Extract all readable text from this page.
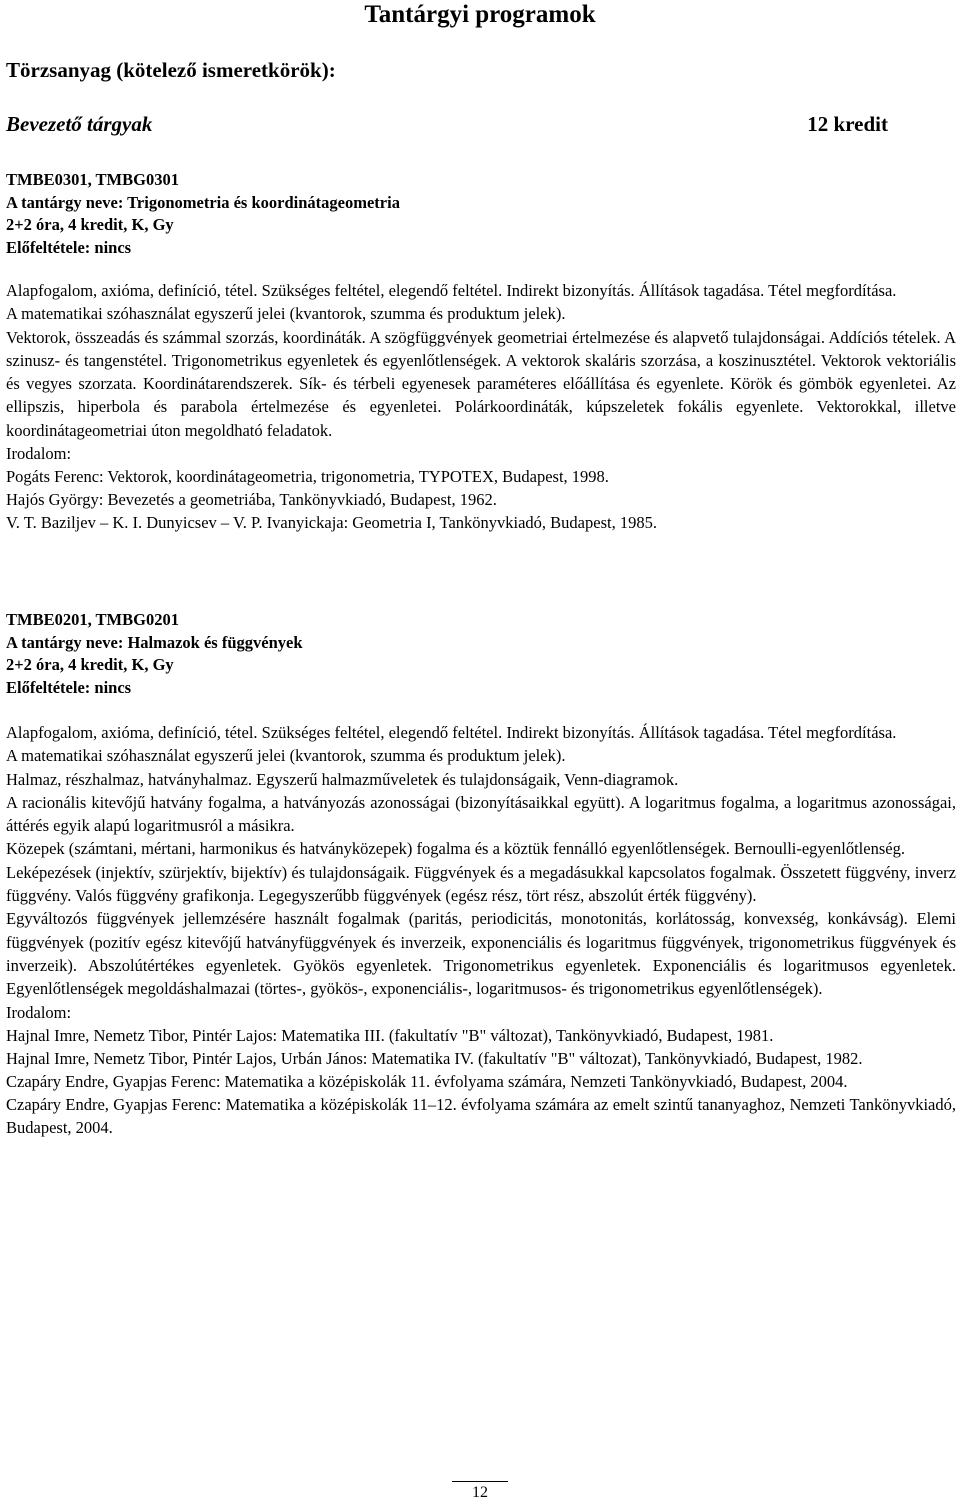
Tantárgyi programok
Törzsanyag (kötelező ismeretkörök):
Bevezető tárgyak	12 kredit
TMBE0301, TMBG0301
A tantárgy neve: Trigonometria és koordinátageometria
2+2 óra, 4 kredit, K, Gy
Előfeltétele: nincs

Alapfogalom, axióma, definíció, tétel. Szükséges feltétel, elegendő feltétel. Indirekt bizonyítás. Állítások tagadása. Tétel megfordítása.

A matematikai szóhasználat egyszerű jelei (kvantorok, szumma és produktum jelek).

Vektorok, összeadás és számmal szorzás, koordináták. A szögfüggvények geometriai értelmezése és alapvető tulajdonságai. Addíciós tételek. A szinusz- és tangenstétel. Trigonometrikus egyenletek és egyenlőtlenségek. A vektorok skaláris szorzása, a koszinusztétel. Vektorok vektoriális és vegyes szorzata. Koordinátarendszerek. Sík- és térbeli egyenesek paraméteres előállítása és egyenlete. Körök és gömbök egyenletei. Az ellipszis, hiperbola és parabola értelmezése és egyenletei. Polárkoordináták, kúpszeletek fokális egyenlete. Vektorokkal, illetve koordinátageometriai úton megoldható feladatok.

Irodalom:
Pogáts Ferenc: Vektorok, koordinátageometria, trigonometria, TYPOTEX, Budapest, 1998.
Hajós György: Bevezetés a geometriába, Tankönyvkiadó, Budapest, 1962.
V. T. Baziljev – K. I. Dunyicsev – V. P. Ivanyickaja: Geometria I, Tankönyvkiadó, Budapest, 1985.
TMBE0201, TMBG0201
A tantárgy neve: Halmazok és függvények
2+2 óra, 4 kredit, K, Gy
Előfeltétele: nincs

Alapfogalom, axióma, definíció, tétel. Szükséges feltétel, elegendő feltétel. Indirekt bizonyítás. Állítások tagadása. Tétel megfordítása.

A matematikai szóhasználat egyszerű jelei (kvantorok, szumma és produktum jelek).

Halmaz, részhalmaz, hatványhalmaz. Egyszerű halmazműveletek és tulajdonságaik, Venn-diagramok.

A racionális kitevőjű hatvány fogalma, a hatványozás azonosságai (bizonyításaikkal együtt). A logaritmus fogalma, a logaritmus azonosságai, áttérés egyik alapú logaritmusról a másikra.

Közepek (számtani, mértani, harmonikus és hatványközepek) fogalma és a köztük fennálló egyenlőtlenségek. Bernoulli-egyenlőtlenség.

Leképezések (injektív, szürjektív, bijektív) és tulajdonságaik. Függvények és a megadásukkal kapcsolatos fogalmak. Összetett függvény, inverz függvény. Valós függvény grafikonja. Legegyszerűbb függvények (egész rész, tört rész, abszolút érték függvény).

Egyváltozós függvények jellemzésére használt fogalmak (paritás, periodicitás, monotonitás, korlátosság, konvexség, konkávság). Elemi függvények (pozitív egész kitevőjű hatványfüggvények és inverzeik, exponenciális és logaritmus függvények, trigonometrikus függvények és inverzeik). Abszolútértékes egyenletek. Gyökös egyenletek. Trigonometrikus egyenletek. Exponenciális és logaritmusos egyenletek. Egyenlőtlenségek megoldáshalmazai (törtes-, gyökös-, exponenciális-, logaritmusos- és trigonometrikus egyenlőtlenségek).

Irodalom:
Hajnal Imre, Nemetz Tibor, Pintér Lajos: Matematika III. (fakultatív "B" változat), Tankönyvkiadó, Budapest, 1981.
Hajnal Imre, Nemetz Tibor, Pintér Lajos, Urbán János: Matematika IV. (fakultatív "B" változat), Tankönyvkiadó, Budapest, 1982.
Czapáry Endre, Gyapjas Ferenc: Matematika a középiskolák 11. évfolyama számára, Nemzeti Tankönyvkiadó, Budapest, 2004.
Czapáry Endre, Gyapjas Ferenc: Matematika a középiskolák 11–12. évfolyama számára az emelt szintű tananyaghoz, Nemzeti Tankönyvkiadó, Budapest, 2004.
12
